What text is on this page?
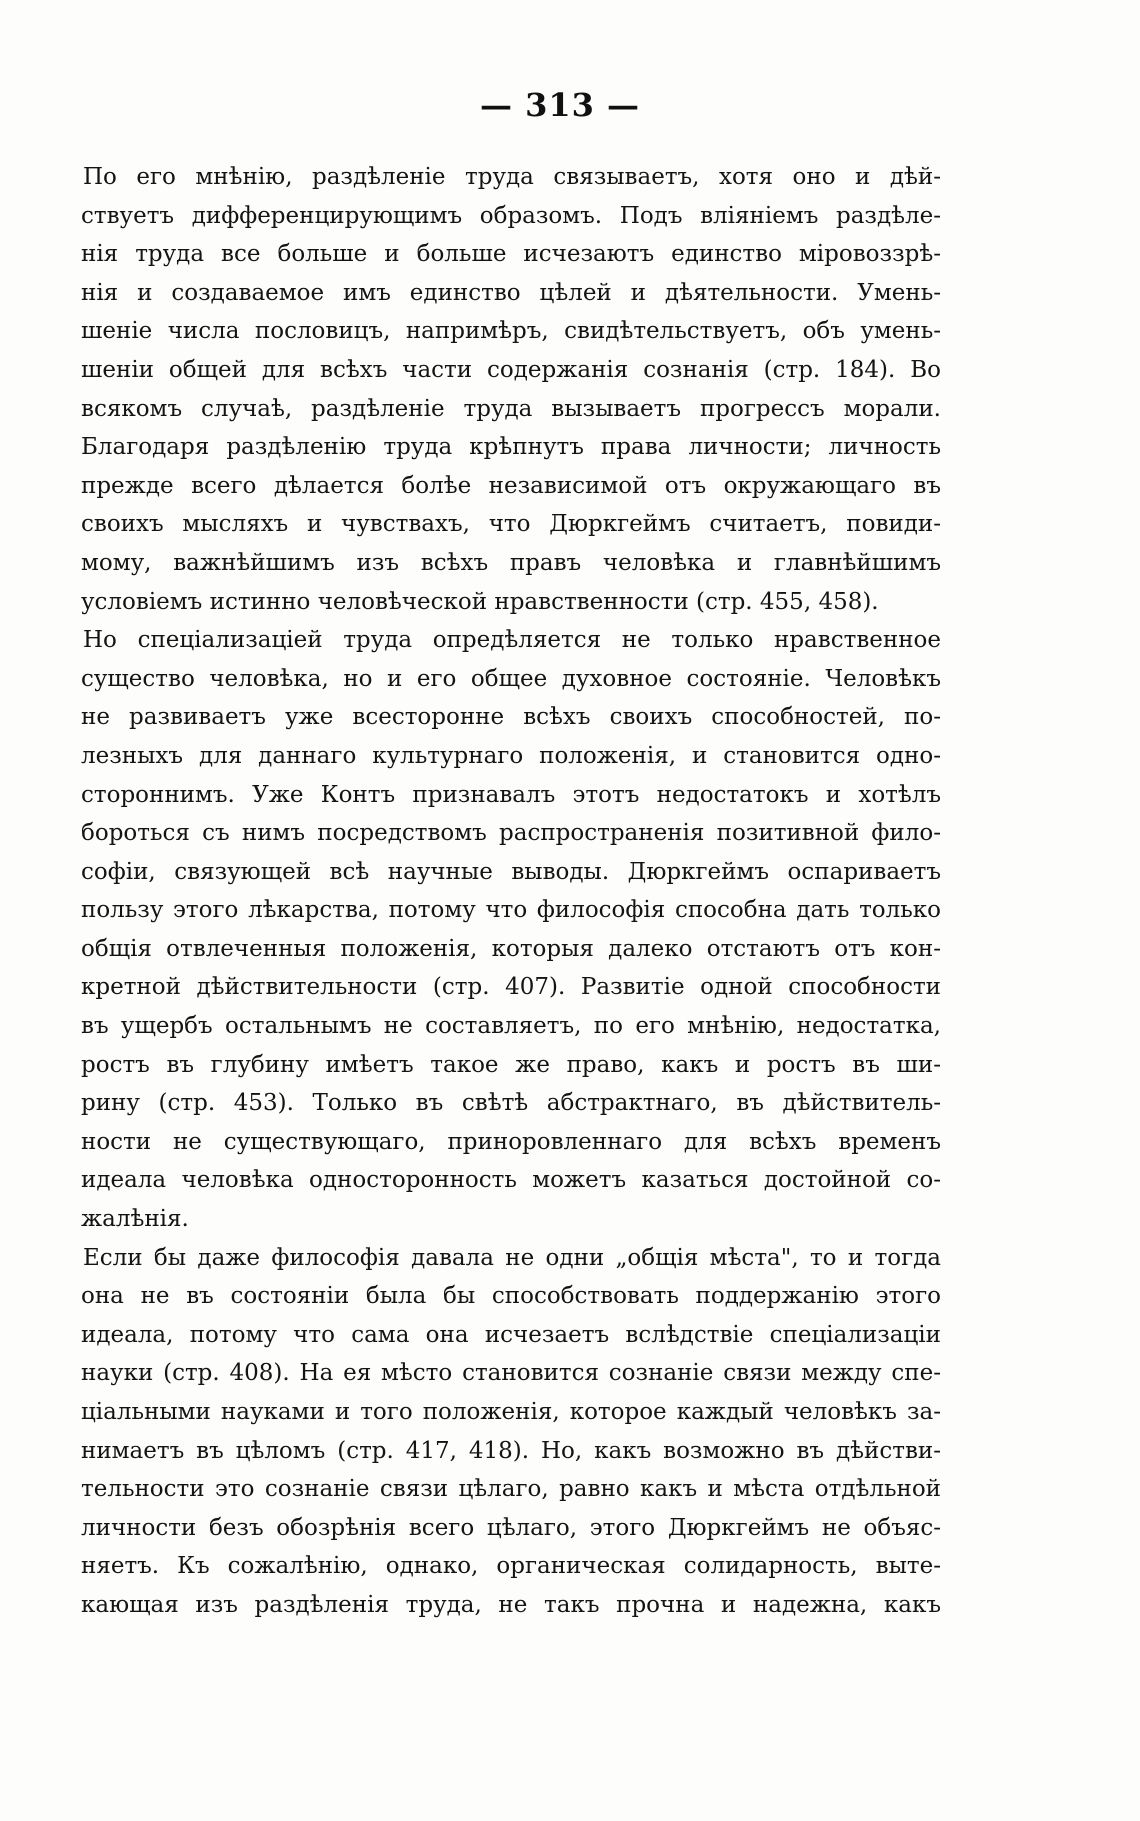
— 313 —
По его мнѣнію, раздѣленіе труда связываетъ, хотя оно и дѣй-
ствуетъ дифференцирующимъ образомъ. Подъ вліяніемъ раздѣле-
нія труда все больше и больше исчезаютъ единство міровоззрѣ-
нія и создаваемое имъ единство цѣлей и дѣятельности. Умень-
шеніе числа пословицъ, напримѣръ, свидѣтельствуетъ, объ умень-
шеніи общей для всѣхъ части содержанія сознанія (стр. 184). Во
всякомъ случаѣ, раздѣленіе труда вызываетъ прогрессъ морали.
Благодаря раздѣленію труда крѣпнутъ права личности; личность
прежде всего дѣлается болѣе независимой отъ окружающаго въ
своихъ мысляхъ и чувствахъ, что Дюркгеймъ считаетъ, повиди-
мому, важнѣйшимъ изъ всѣхъ правъ человѣка и главнѣйшимъ
условіемъ истинно человѣческой нравственности (стр. 455, 458).
Но спеціализаціей труда опредѣляется не только нравственное
существо человѣка, но и его общее духовное состояніе. Человѣкъ
не развиваетъ уже всесторонне всѣхъ своихъ способностей, по-
лезныхъ для даннаго культурнаго положенія, и становится одно-
стороннимъ. Уже Контъ признавалъ этотъ недостатокъ и хотѣлъ
бороться съ нимъ посредствомъ распространенія позитивной фило-
софіи, связующей всѣ научные выводы. Дюркгеймъ оспариваетъ
пользу этого лѣкарства, потому что философія способна дать только
общія отвлеченныя положенія, которыя далеко отстаютъ отъ кон-
кретной дѣйствительности (стр. 407). Развитіе одной способности
въ ущербъ остальнымъ не составляетъ, по его мнѣнію, недостатка,
ростъ въ глубину имѣетъ такое же право, какъ и ростъ въ ши-
рину (стр. 453). Только въ свѣтѣ абстрактнаго, въ дѣйствитель-
ности не существующаго, приноровленнаго для всѣхъ временъ
идеала человѣка односторонность можетъ казаться достойной со-
жалѣнія.
Если бы даже философія давала не одни „общія мѣста", то и тогда
она не въ состояніи была бы способствовать поддержанію этого
идеала, потому что сама она исчезаетъ вслѣдствіе спеціализаціи
науки (стр. 408). На ея мѣсто становится сознаніе связи между спе-
ціальными науками и того положенія, которое каждый человѣкъ за-
нимаетъ въ цѣломъ (стр. 417, 418). Но, какъ возможно въ дѣйстви-
тельности это сознаніе связи цѣлаго, равно какъ и мѣста отдѣльной
личности безъ обозрѣнія всего цѣлаго, этого Дюркгеймъ не объяс-
няетъ. Къ сожалѣнію, однако, органическая солидарность, выте-
кающая изъ раздѣленія труда, не такъ прочна и надежна, какъ
